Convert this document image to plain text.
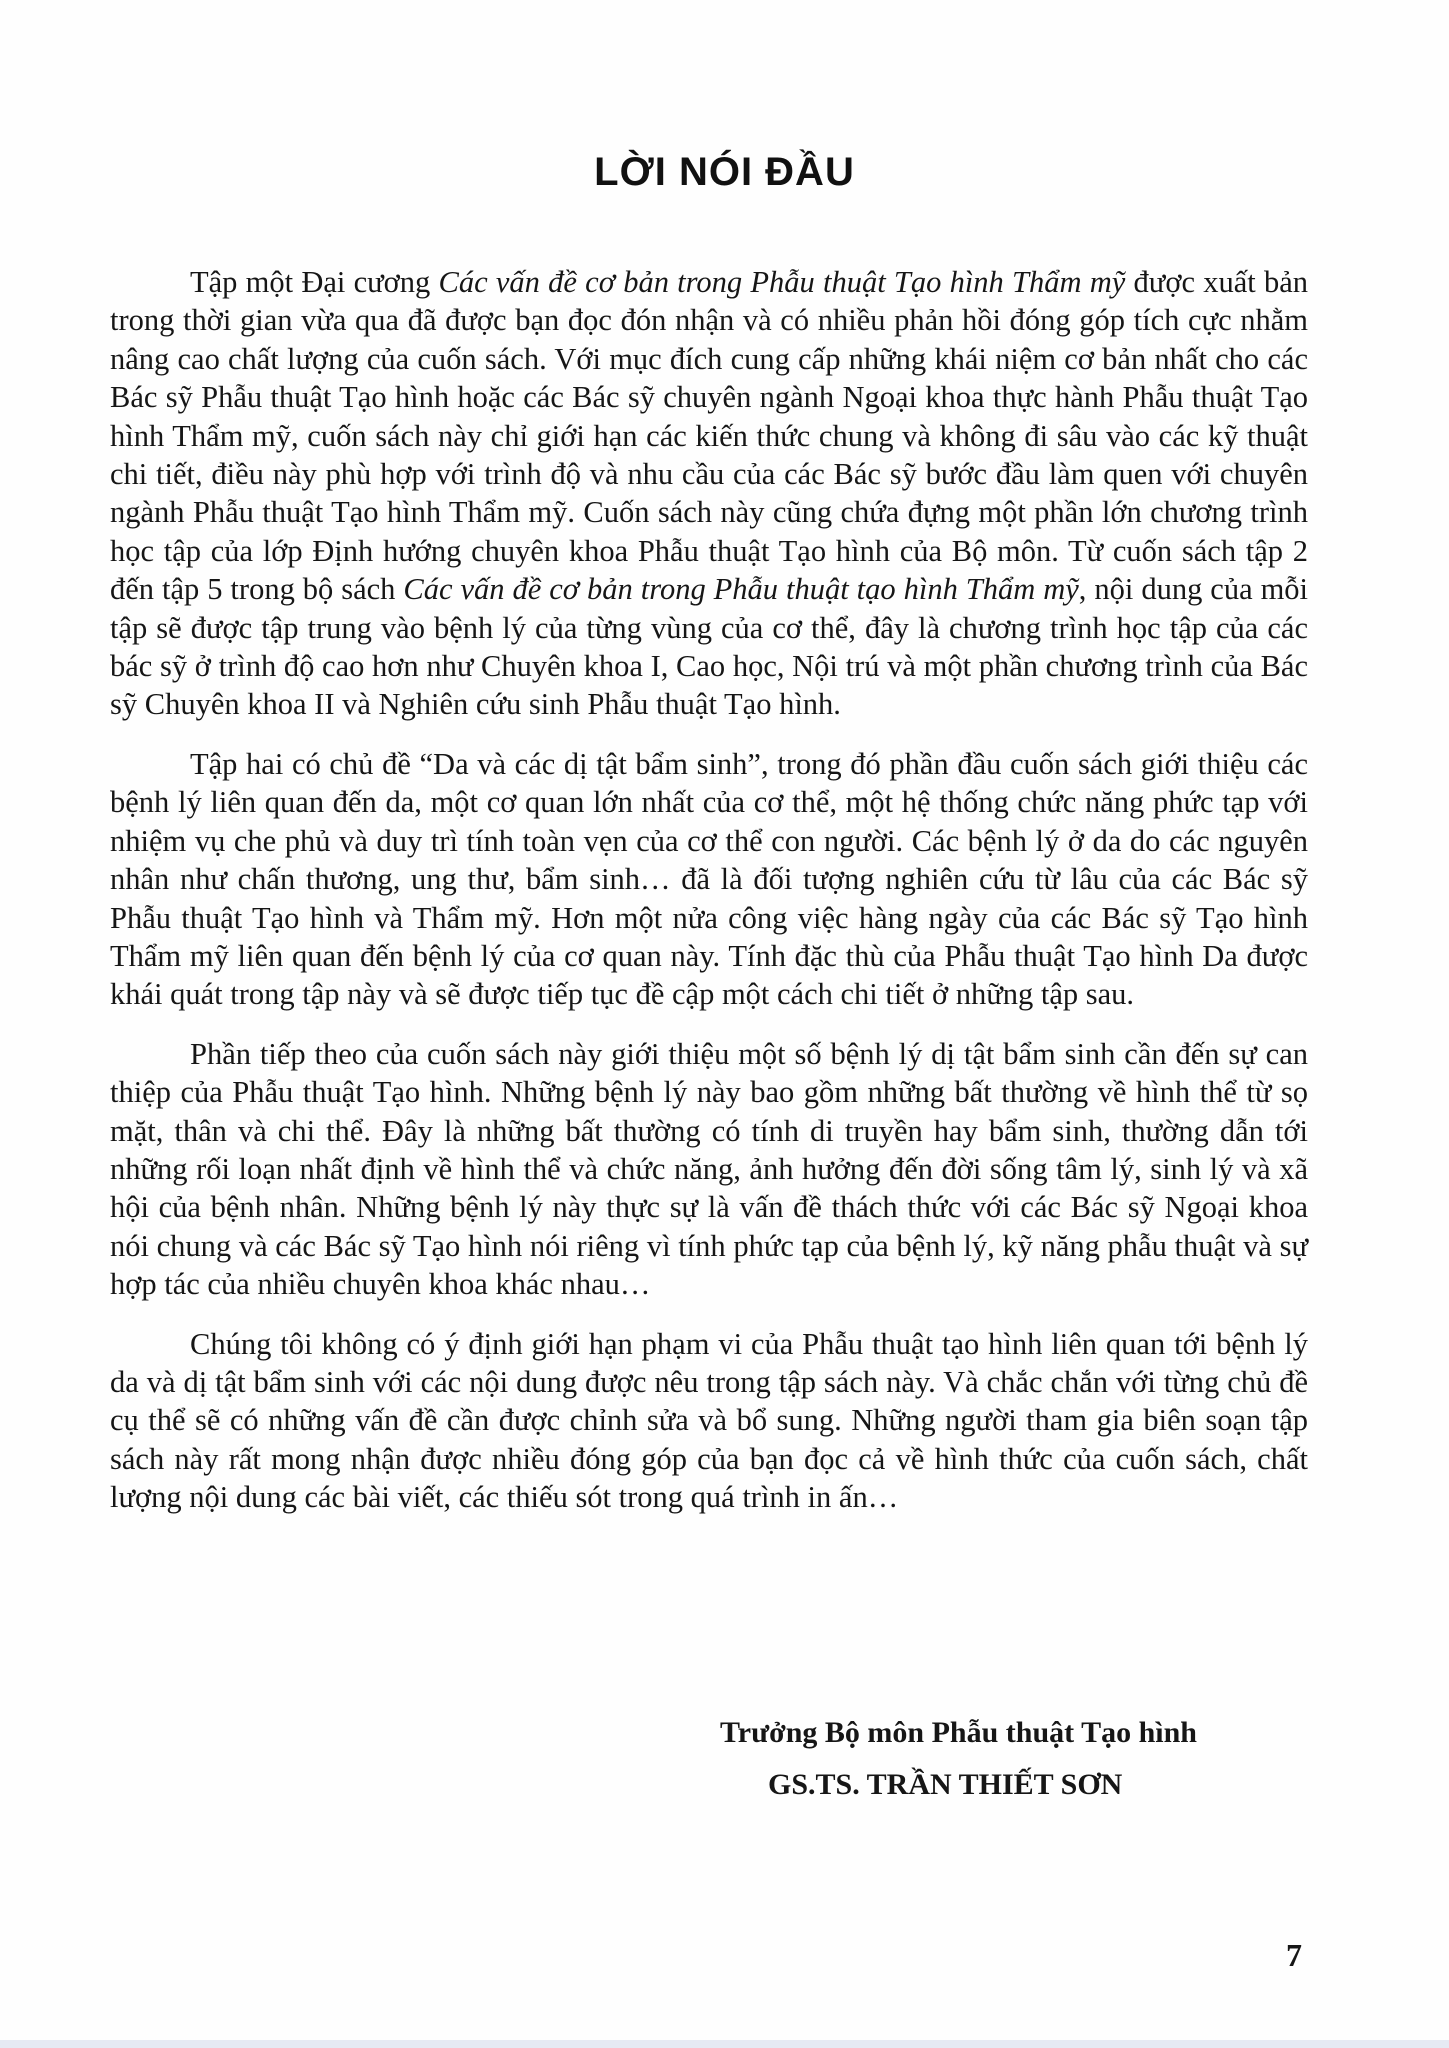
LỜI NÓI ĐẦU

Tập một Đại cương Các vấn đề cơ bản trong Phẫu thuật Tạo hình Thẩm mỹ được xuất bản trong thời gian vừa qua đã được bạn đọc đón nhận và có nhiều phản hồi đóng góp tích cực nhằm nâng cao chất lượng của cuốn sách. Với mục đích cung cấp những khái niệm cơ bản nhất cho các Bác sỹ Phẫu thuật Tạo hình hoặc các Bác sỹ chuyên ngành Ngoại khoa thực hành Phẫu thuật Tạo hình Thẩm mỹ, cuốn sách này chỉ giới hạn các kiến thức chung và không đi sâu vào các kỹ thuật chi tiết, điều này phù hợp với trình độ và nhu cầu của các Bác sỹ bước đầu làm quen với chuyên ngành Phẫu thuật Tạo hình Thẩm mỹ. Cuốn sách này cũng chứa đựng một phần lớn chương trình học tập của lớp Định hướng chuyên khoa Phẫu thuật Tạo hình của Bộ môn. Từ cuốn sách tập 2 đến tập 5 trong bộ sách Các vấn đề cơ bản trong Phẫu thuật tạo hình Thẩm mỹ, nội dung của mỗi tập sẽ được tập trung vào bệnh lý của từng vùng của cơ thể, đây là chương trình học tập của các bác sỹ ở trình độ cao hơn như Chuyên khoa I, Cao học, Nội trú và một phần chương trình của Bác sỹ Chuyên khoa II và Nghiên cứu sinh Phẫu thuật Tạo hình.

Tập hai có chủ đề “Da và các dị tật bẩm sinh”, trong đó phần đầu cuốn sách giới thiệu các bệnh lý liên quan đến da, một cơ quan lớn nhất của cơ thể, một hệ thống chức năng phức tạp với nhiệm vụ che phủ và duy trì tính toàn vẹn của cơ thể con người. Các bệnh lý ở da do các nguyên nhân như chấn thương, ung thư, bẩm sinh… đã là đối tượng nghiên cứu từ lâu của các Bác sỹ Phẫu thuật Tạo hình và Thẩm mỹ. Hơn một nửa công việc hàng ngày của các Bác sỹ Tạo hình Thẩm mỹ liên quan đến bệnh lý của cơ quan này. Tính đặc thù của Phẫu thuật Tạo hình Da được khái quát trong tập này và sẽ được tiếp tục đề cập một cách chi tiết ở những tập sau.

Phần tiếp theo của cuốn sách này giới thiệu một số bệnh lý dị tật bẩm sinh cần đến sự can thiệp của Phẫu thuật Tạo hình. Những bệnh lý này bao gồm những bất thường về hình thể từ sọ mặt, thân và chi thể. Đây là những bất thường có tính di truyền hay bẩm sinh, thường dẫn tới những rối loạn nhất định về hình thể và chức năng, ảnh hưởng đến đời sống tâm lý, sinh lý và xã hội của bệnh nhân. Những bệnh lý này thực sự là vấn đề thách thức với các Bác sỹ Ngoại khoa nói chung và các Bác sỹ Tạo hình nói riêng vì tính phức tạp của bệnh lý, kỹ năng phẫu thuật và sự hợp tác của nhiều chuyên khoa khác nhau…

Chúng tôi không có ý định giới hạn phạm vi của Phẫu thuật tạo hình liên quan tới bệnh lý da và dị tật bẩm sinh với các nội dung được nêu trong tập sách này. Và chắc chắn với từng chủ đề cụ thể sẽ có những vấn đề cần được chỉnh sửa và bổ sung. Những người tham gia biên soạn tập sách này rất mong nhận được nhiều đóng góp của bạn đọc cả về hình thức của cuốn sách, chất lượng nội dung các bài viết, các thiếu sót trong quá trình in ấn…

Trưởng Bộ môn Phẫu thuật Tạo hình
GS.TS. TRẦN THIẾT SƠN
7
